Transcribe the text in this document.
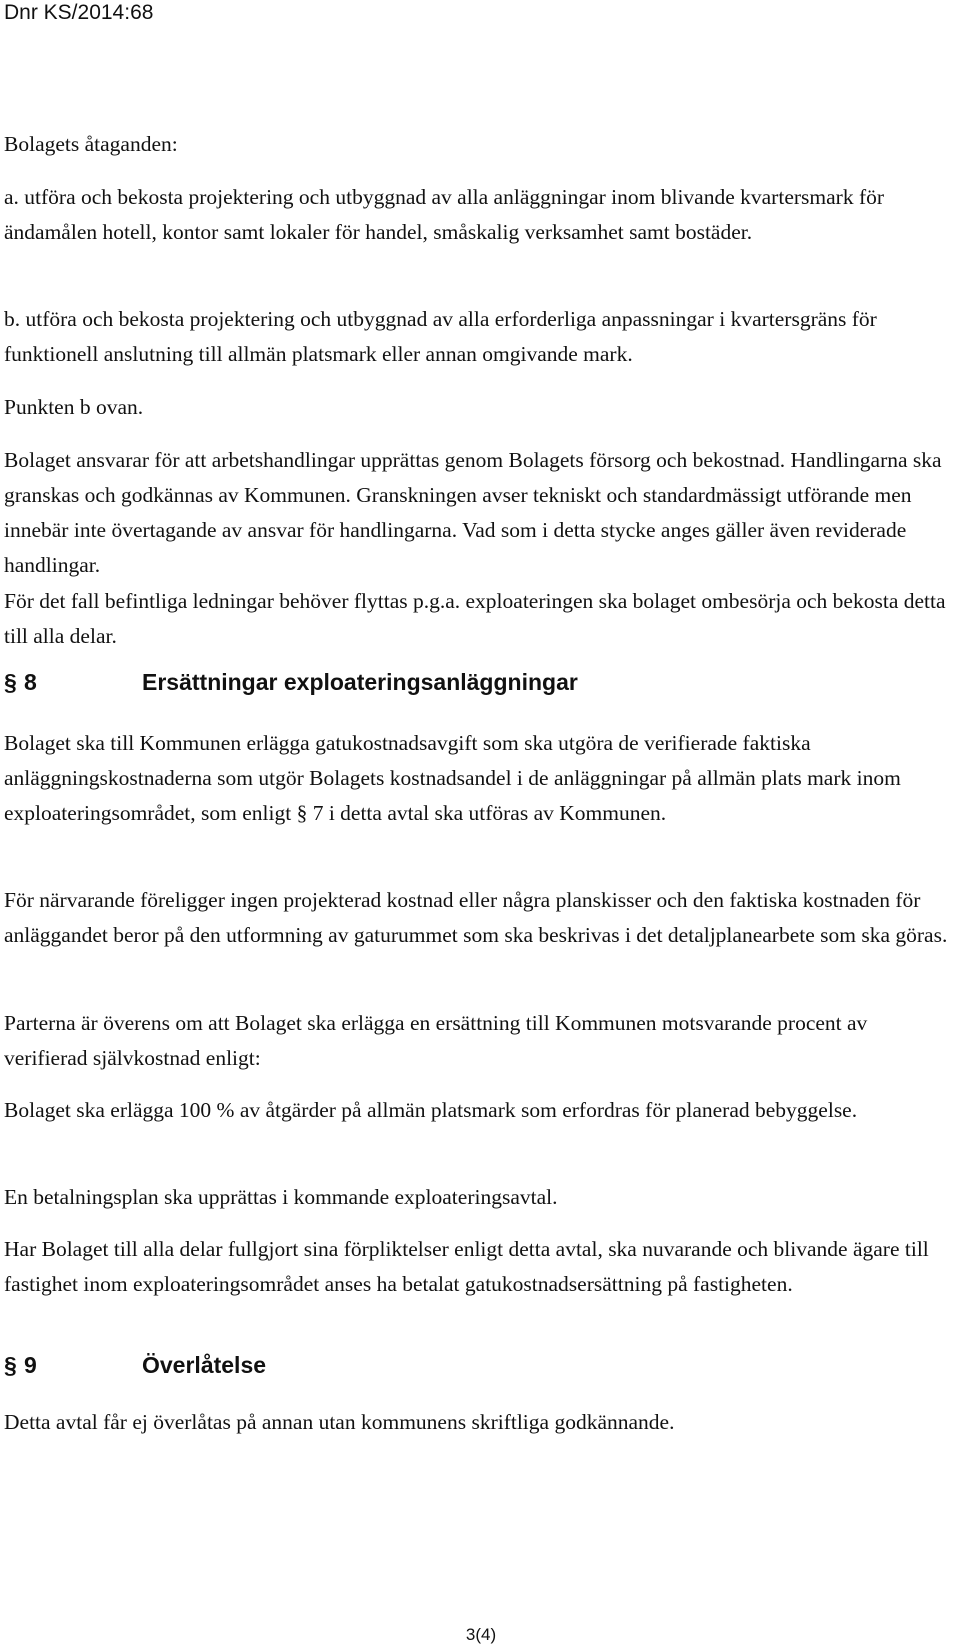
Dnr KS/2014:68

Bolagets åtaganden:

a. utföra och bekosta projektering och utbyggnad av alla anläggningar inom blivande kvartersmark för ändamålen hotell, kontor samt lokaler för handel, småskalig verksamhet samt bostäder.

b. utföra och bekosta projektering och utbyggnad av alla erforderliga anpassningar i kvartersgräns för funktionell anslutning till allmän platsmark eller annan omgivande mark.

Punkten b ovan.

Bolaget ansvarar för att arbetshandlingar upprättas genom Bolagets försorg och bekostnad. Handlingarna ska granskas och godkännas av Kommunen. Granskningen avser tekniskt och standardmässigt utförande men innebär inte övertagande av ansvar för handlingarna. Vad som i detta stycke anges gäller även reviderade handlingar.

För det fall befintliga ledningar behöver flyttas p.g.a. exploateringen ska bolaget ombesörja och bekosta detta till alla delar.

§ 8	Ersättningar exploateringsanläggningar

Bolaget ska till Kommunen erlägga gatukostnadsavgift som ska utgöra de verifierade faktiska anläggningskostnaderna som utgör Bolagets kostnadsandel i de anläggningar på allmän plats mark inom exploateringsområdet, som enligt § 7 i detta avtal ska utföras av Kommunen.

För närvarande föreligger ingen projekterad kostnad eller några planskisser och den faktiska kostnaden för anläggandet beror på den utformning av gaturummet som ska beskrivas i det detaljplanearbete som ska göras.

Parterna är överens om att Bolaget ska erlägga en ersättning till Kommunen motsvarande procent av verifierad självkostnad enligt:

Bolaget ska erlägga 100 % av åtgärder på allmän platsmark som erfordras för planerad bebyggelse.

En betalningsplan ska upprättas i kommande exploateringsavtal.

Har Bolaget till alla delar fullgjort sina förpliktelser enligt detta avtal, ska nuvarande och blivande ägare till fastighet inom exploateringsområdet anses ha betalat gatukostnadsersättning på fastigheten.

§ 9	Överlåtelse

Detta avtal får ej överlåtas på annan utan kommunens skriftliga godkännande.

3(4)
